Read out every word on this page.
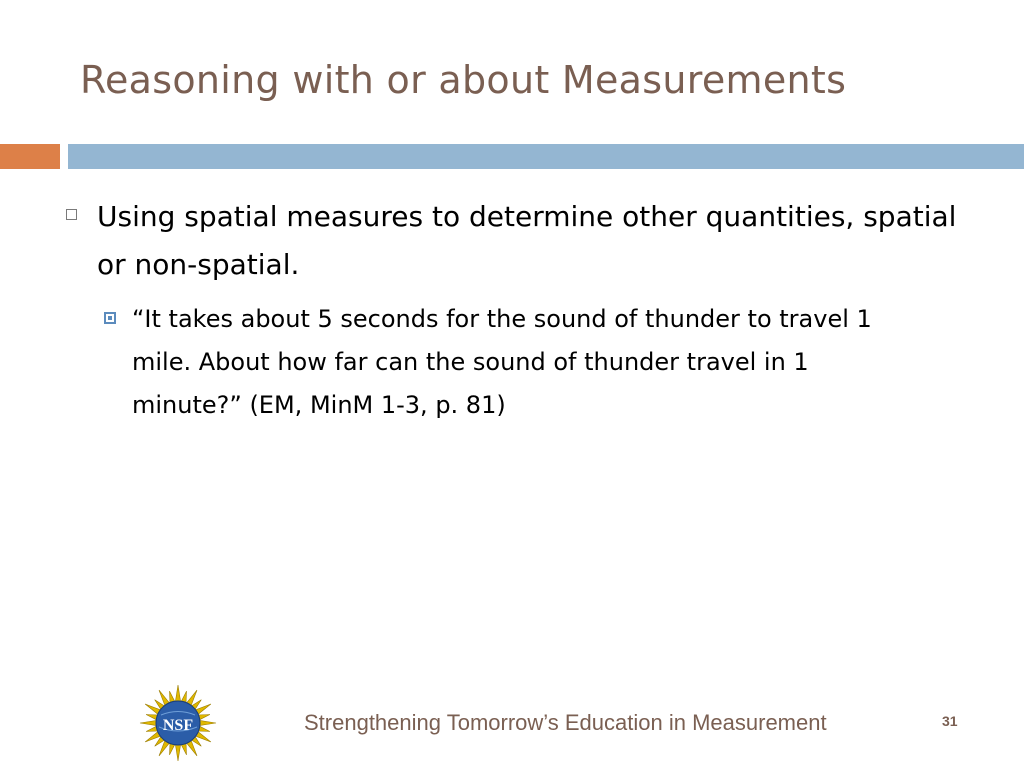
Reasoning with or about Measurements
Using spatial measures to determine other quantities, spatial or non-spatial.
“It takes about 5 seconds for the sound of thunder to travel 1 mile. About how far can the sound of thunder travel in 1 minute?” (EM, MinM 1-3, p. 81)
NSF	Strengthening Tomorrow’s Education in Measurement	31
